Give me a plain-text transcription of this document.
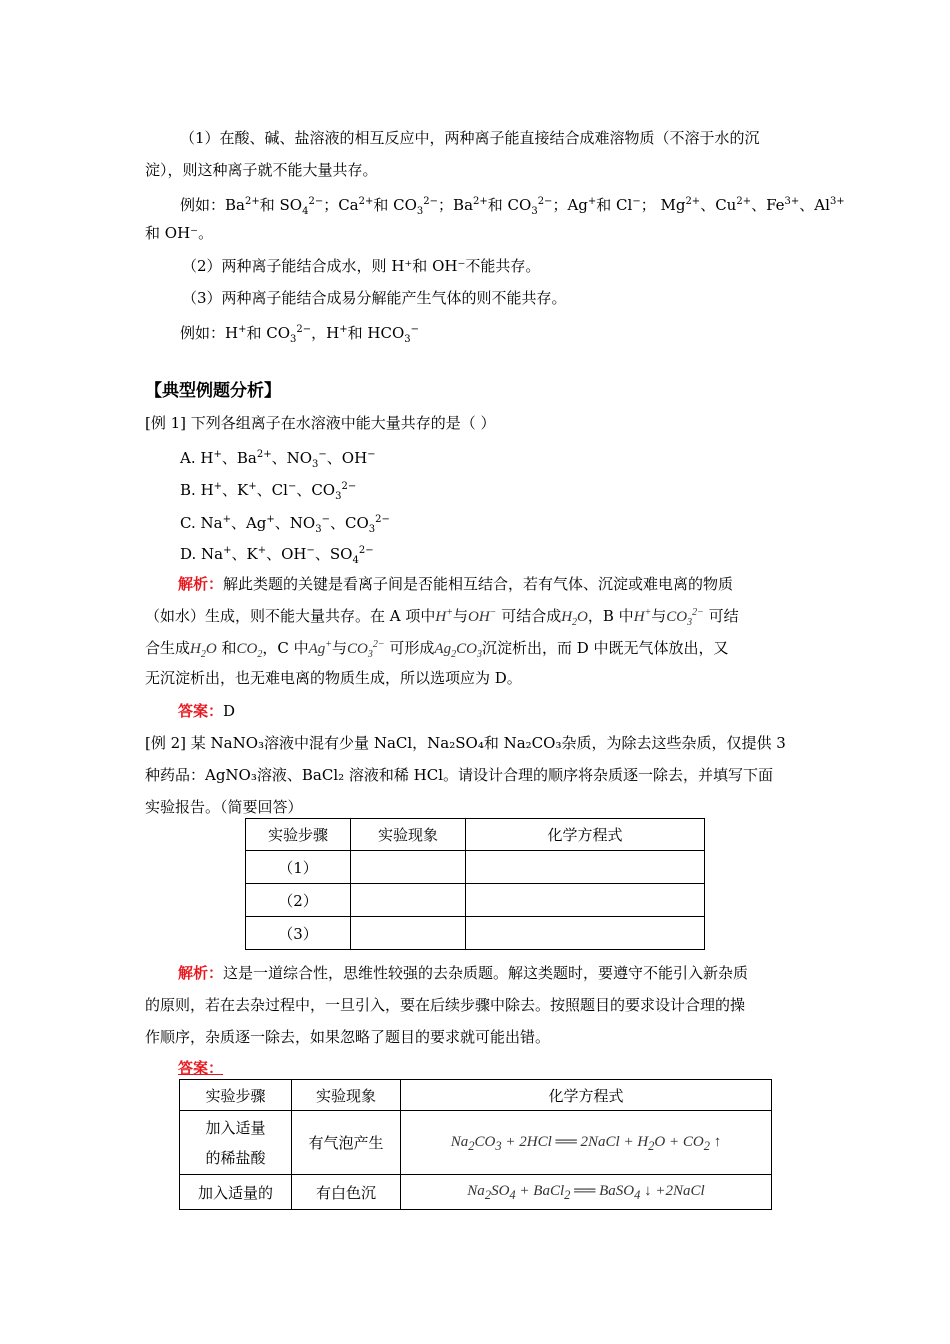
（1）在酸、碱、盐溶液的相互反应中，两种离子能直接结合成难溶物质（不溶于水的沉
淀），则这种离子就不能大量共存。
例如：$Ba^{2+}$和 $SO_4^{2-}$；$Ca^{2+}$和 $CO_3^{2-}$；$Ba^{2+}$和 $CO_3^{2-}$；Ag+和 Cl−； $Mg^{2+}$、$Cu^{2+}$、$Fe^{3+}$、$Al^{3+}$
和 OH⁻。
（2）两种离子能结合成水，则 H⁺和 OH⁻不能共存。
（3）两种离子能结合成易分解能产生气体的则不能共存。
例如：H+和 $CO_3^{2-}$，H+和 $HCO_3^-$
【典型例题分析】
[例 1] 下列各组离子在水溶液中能大量共存的是（ ）
A. H+、$Ba^{2+}$、$NO_3^-$、OH−
B. H+、K+、Cl−、$CO_3^{2-}$
C. Na+、Ag+、$NO_3^-$、$CO_3^{2-}$
D. Na+、K+、OH−、$SO_4^{2-}$
解析：解此类题的关键是看离子间是否能相互结合，若有气体、沉淀或难电离的物质
（如水）生成，则不能大量共存。在 A 项中H+与OH− 可结合成$H_2O$，B 中H+与$CO_3^{2-}$ 可结
合生成$H_2O$ 和$CO_2$，C 中Ag+与$CO_3^{2-}$ 可形成$Ag_2CO_3$沉淀析出，而 D 中既无气体放出，又
无沉淀析出，也无难电离的物质生成，所以选项应为 D。
答案：D
[例 2] 某 NaNO₃溶液中混有少量 NaCl，Na₂SO₄和 Na₂CO₃杂质，为除去这些杂质，仅提供 3
种药品：AgNO₃溶液、BaCl₂ 溶液和稀 HCl。请设计合理的顺序将杂质逐一除去，并填写下面
实验报告。（简要回答）
实验步骤	实验现象	化学方程式
（1）		
（2）		
（3）		
解析：这是一道综合性，思维性较强的去杂质题。解这类题时，要遵守不能引入新杂质
的原则，若在去杂过程中，一旦引入，要在后续步骤中除去。按照题目的要求设计合理的操
作顺序，杂质逐一除去，如果忽略了题目的要求就可能出错。
答案：
实验步骤	实验现象	化学方程式
加入适量
的稀盐酸	有气泡产生	$Na_2CO_3 + 2HCl$ ══ 2NaCl + $H_2O + CO_2$ ↑
加入适量的	有白色沉	$Na_2SO_4$ + BaCl$_2$ ══ BaSO$_4$ ↓ +2NaCl
